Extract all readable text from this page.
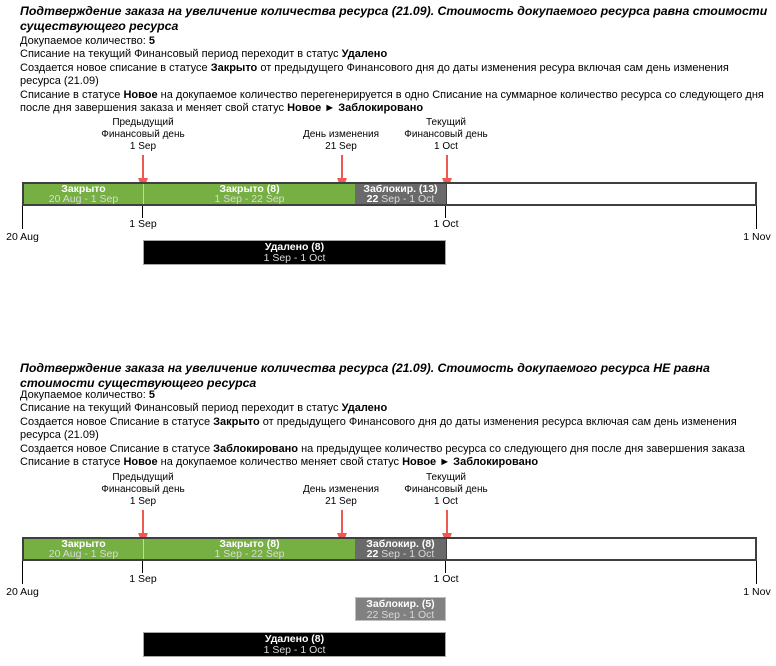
Подтверждение заказа на увеличение количества ресурса (21.09). Стоимость докупаемого ресурса равна стоимости существующего ресурса
Докупаемое количество: 5
Списание на текущий Финансовый период переходит в статус Удалено
Создается новое списание в статусе Закрыто от предыдущего Финансового дня до даты изменения ресура включая сам день изменения ресурса (21.09)
Списание в статусе Новое на докупаемое количество перегенерируется в одно Списание на суммарное количество ресурса со следующего дня после дня завершения заказа и меняет свой статус Новое ► Заблокировано
Предыдущий
Финансовый день
1 Sep
День изменения
21 Sep
Текущий
Финансовый день
1 Oct
Закрыто
20 Aug - 1 Sep
Закрыто (8)
1 Sep - 22 Sep
Заблокир. (13)
22 Sep - 1 Oct
20 Aug
1 Sep	1 Oct
1 Nov
Удалено (8)
1 Sep - 1 Oct
Подтверждение заказа на увеличение количества ресурса (21.09). Стоимость докупаемого ресурса НЕ равна стоимости существующего ресурса
Докупаемое количество: 5
Списание на текущий Финансовый период переходит в статус Удалено
Создается новое Списание в статусе Закрыто от предыдущего Финансового дня до даты изменения ресурса включая сам день изменения ресурса (21.09)
Создается новое Списание в статусе Заблокировано на предыдущее количество ресурса со следующего дня после дня завершения заказа
Списание в статусе Новое на докупаемое количество меняет свой статус Новое ► Заблокировано
Предыдущий
Финансовый день
1 Sep
День изменения
21 Sep
Текущий
Финансовый день
1 Oct
Закрыто
20 Aug - 1 Sep
Закрыто (8)
1 Sep - 22 Sep
Заблокир. (8)
22 Sep - 1 Oct
20 Aug
1 Sep	1 Oct
1 Nov
Заблокир. (5)
22 Sep - 1 Oct
Удалено (8)
1 Sep - 1 Oct
